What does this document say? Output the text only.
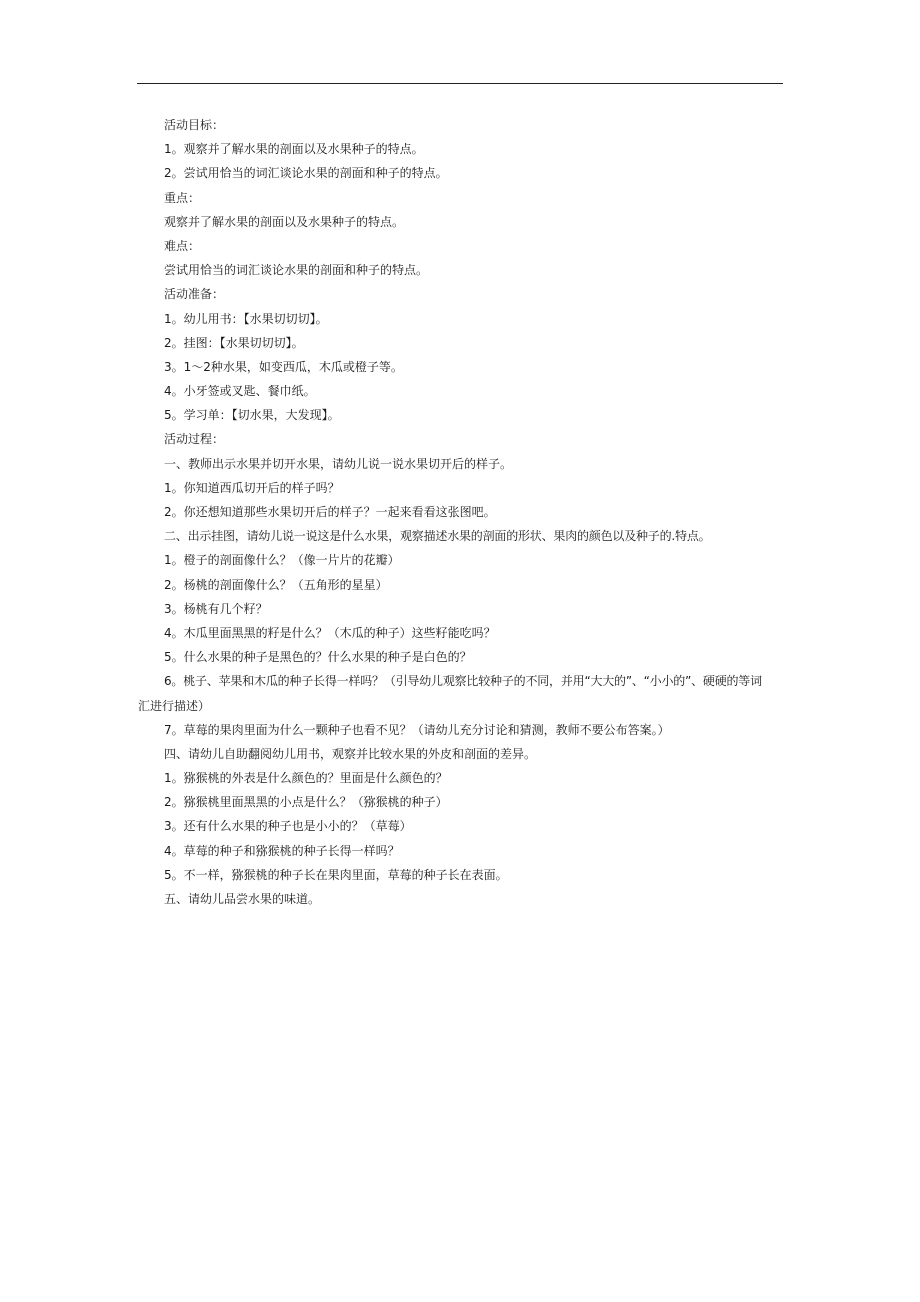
活动目标：
1。观察并了解水果的剖面以及水果种子的特点。
2。尝试用恰当的词汇谈论水果的剖面和种子的特点。
重点：
观察并了解水果的剖面以及水果种子的特点。
难点：
尝试用恰当的词汇谈论水果的剖面和种子的特点。
活动准备：
1。幼儿用书：【水果切切切】。
2。挂图：【水果切切切】。
3。1～2种水果，如变西瓜，木瓜或橙子等。
4。小牙签或叉匙、餐巾纸。
5。学习单：【切水果，大发现】。
活动过程：
一、教师出示水果并切开水果，请幼儿说一说水果切开后的样子。
1。你知道西瓜切开后的样子吗？
2。你还想知道那些水果切开后的样子？一起来看看这张图吧。
二、出示挂图，请幼儿说一说这是什么水果，观察描述水果的剖面的形状、果肉的颜色以及种子的.特点。
1。橙子的剖面像什么？（像一片片的花瓣）
2。杨桃的剖面像什么？（五角形的星星）
3。杨桃有几个籽？
4。木瓜里面黑黑的籽是什么？（木瓜的种子）这些籽能吃吗？
5。什么水果的种子是黑色的？什么水果的种子是白色的？
6。桃子、苹果和木瓜的种子长得一样吗？（引导幼儿观察比较种子的不同，并用“大大的”、“小小的”、硬硬的等词
汇进行描述）
7。草莓的果肉里面为什么一颗种子也看不见？（请幼儿充分讨论和猜测，教师不要公布答案。）
四、请幼儿自助翻阅幼儿用书，观察并比较水果的外皮和剖面的差异。
1。猕猴桃的外表是什么颜色的？里面是什么颜色的？
2。猕猴桃里面黑黑的小点是什么？（猕猴桃的种子）
3。还有什么水果的种子也是小小的？（草莓）
4。草莓的种子和猕猴桃的种子长得一样吗？
5。不一样，猕猴桃的种子长在果肉里面，草莓的种子长在表面。
五、请幼儿品尝水果的味道。
